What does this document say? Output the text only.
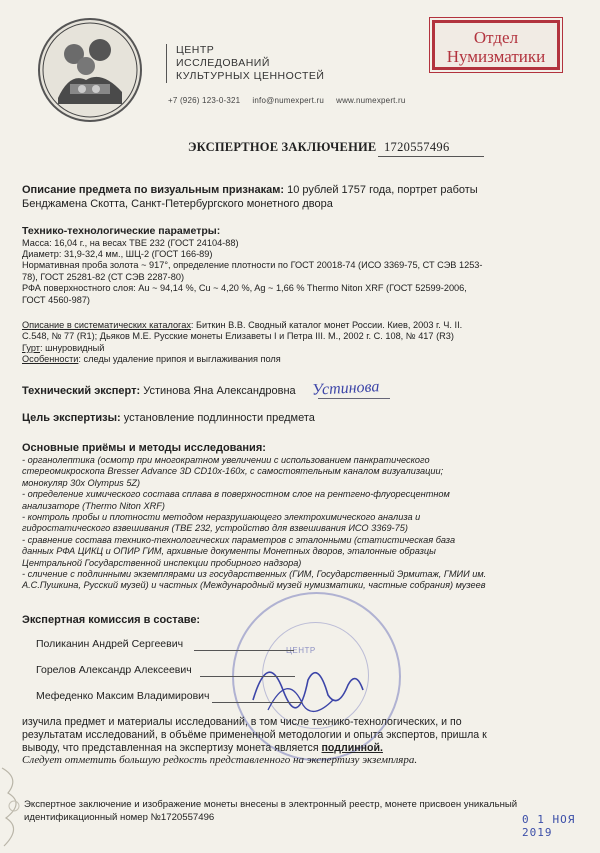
ЦЕНТР
ИССЛЕДОВАНИЙ
КУЛЬТУРНЫХ ЦЕННОСТЕЙ
+7 (926) 123-0-321     info@numexpert.ru     www.numexpert.ru
Отдел
Нумизматики
ЭКСПЕРТНОЕ ЗАКЛЮЧЕНИЕ 1720557496
Описание предмета по визуальным признакам: 10 рублей 1757 года, портрет работы
Бенджамена Скотта, Санкт-Петербургского монетного двора
Технико-технологические параметры:
Масса: 16,04 г., на весах ТВЕ 232 (ГОСТ 24104-88)
Диаметр: 31,9-32,4 мм., ШЦ-2 (ГОСТ 166-89)
Нормативная проба золота ~ 917°, определение плотности по ГОСТ 20018-74 (ИСО 3369-75, СТ СЭВ 1253-
78), ГОСТ 25281-82 (СТ СЭВ 2287-80)
РФА поверхностного слоя: Au ~ 94,14 %, Cu ~ 4,20 %, Ag ~ 1,66 % Thermo Niton XRF (ГОСТ 52599-2006,
ГОСТ 4560-987)
Описание в систематических каталогах: Биткин В.В. Сводный каталог монет России. Киев, 2003 г. Ч. II.
С.548, № 77 (R1); Дьяков М.Е. Русские монеты Елизаветы I и Петра III. М., 2002 г. С. 108, № 417 (R3)
Гурт: шнуровидный
Особенности: следы удаление припоя и выглаживания поля
Технический эксперт: Устинова Яна Александровна Устинова
Цель экспертизы: установление подлинности предмета
Основные приёмы и методы исследования:
- органолептика (осмотр при многократном увеличении с использованием панкратического
стереомикроскопа Bresser Advance 3D CD10x-160x, с самостоятельным каналом визуализации;
монокуляр 30x Olympus 5Z)
- определение химического состава сплава в поверхностном слое на рентгено-флуоресцентном
анализаторе (Thermo Niton XRF)
- контроль пробы и плотности методом неразрушающего электрохимического анализа и
гидростатического взвешивания (ТВЕ 232, устройство для взвешивания ИСО 3369-75)
- сравнение состава технико-технологических параметров с эталонными (статистическая база
данных РФА ЦИКЦ и ОПИР ГИМ, архивные документы Монетных дворов, эталонные образцы
Центральной Государственной инспекции пробирного надзора)
- сличение с подлинными экземплярами из государственных (ГИМ, Государственный Эрмитаж, ГМИИ им.
А.С.Пушкина, Русский музей) и частных (Международный музей нумизматики, частные собрания) музеев
ЦЕНТР
Экспертная комиссия в составе:
Поликанин Андрей Сергеевич
Горелов Александр Алексеевич
Мефеденко Максим Владимирович
изучила предмет и материалы исследований, в том числе технико-технологических, и по
результатам исследований, в объёме примененной методологии и опыта экспертов, пришла к
выводу, что представленная на экспертизу монета является подлинной.
Следует отметить большую редкость представленного на экспертизу экземпляра.
Экспертное заключение и изображение монеты внесены в электронный реестр, монете присвоен уникальный
идентификационный номер №1720557496	0 1 НОЯ 2019
